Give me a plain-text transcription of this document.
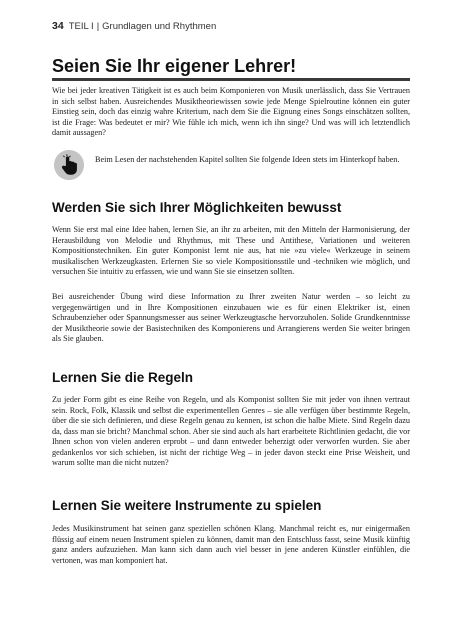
34 TEIL I | Grundlagen und Rhythmen
Seien Sie Ihr eigener Lehrer!

Wie bei jeder kreativen Tätigkeit ist es auch beim Komponieren von Musik unerlässlich, dass Sie Vertrauen in sich selbst haben. Ausreichendes Musiktheoriewissen sowie jede Menge Spielroutine können ein guter Einstieg sein, doch das einzig wahre Kriterium, nach dem Sie die Eignung eines Songs einschätzen sollten, ist die Frage: Was bedeutet er mir? Wie fühle ich mich, wenn ich ihn singe? Und was will ich letztendlich damit aussagen?

Beim Lesen der nachstehenden Kapitel sollten Sie folgende Ideen stets im Hinterkopf haben.

Werden Sie sich Ihrer Möglichkeiten bewusst

Wenn Sie erst mal eine Idee haben, lernen Sie, an ihr zu arbeiten, mit den Mitteln der Harmonisierung, der Herausbildung von Melodie und Rhythmus, mit These und Antithese, Variationen und weiteren Kompositionstechniken. Ein guter Komponist lernt nie aus, hat nie »zu viele« Werkzeuge in seinem musikalischen Werkzeugkasten. Erlernen Sie so viele Kompositionsstile und -techniken wie möglich, und versuchen Sie intuitiv zu erfassen, wie und wann Sie sie einsetzen sollten.

Bei ausreichender Übung wird diese Information zu Ihrer zweiten Natur werden – so leicht zu vergegenwärtigen und in Ihre Kompositionen einzubauen wie es für einen Elektriker ist, einen Schraubenzieher oder Spannungsmesser aus seiner Werkzeugtasche hervorzuholen. Solide Grundkenntnisse der Musiktheorie sowie der Basistechniken des Komponierens und Arrangierens werden Sie weiter bringen als Sie glauben.

Lernen Sie die Regeln

Zu jeder Form gibt es eine Reihe von Regeln, und als Komponist sollten Sie mit jeder von ihnen vertraut sein. Rock, Folk, Klassik und selbst die experimentellen Genres – sie alle verfügen über bestimmte Regeln, über die sie sich definieren, und diese Regeln genau zu kennen, ist schon die halbe Miete. Sind Regeln dazu da, dass man sie bricht? Manchmal schon. Aber sie sind auch als hart erarbeitete Richtlinien gedacht, die vor Ihnen schon von vielen anderen erprobt – und dann entweder beherzigt oder verworfen wurden. Sie aber gedankenlos vor sich schieben, ist nicht der richtige Weg – in jeder davon steckt eine Prise Weisheit, und warum sollte man die nicht nutzen?

Lernen Sie weitere Instrumente zu spielen

Jedes Musikinstrument hat seinen ganz speziellen schönen Klang. Manchmal reicht es, nur einigermaßen flüssig auf einem neuen Instrument spielen zu können, damit man den Entschluss fasst, seine Musik künftig ganz anders aufzuziehen. Man kann sich dann auch viel besser in jene anderen Künstler einfühlen, die vertonen, was man komponiert hat.
